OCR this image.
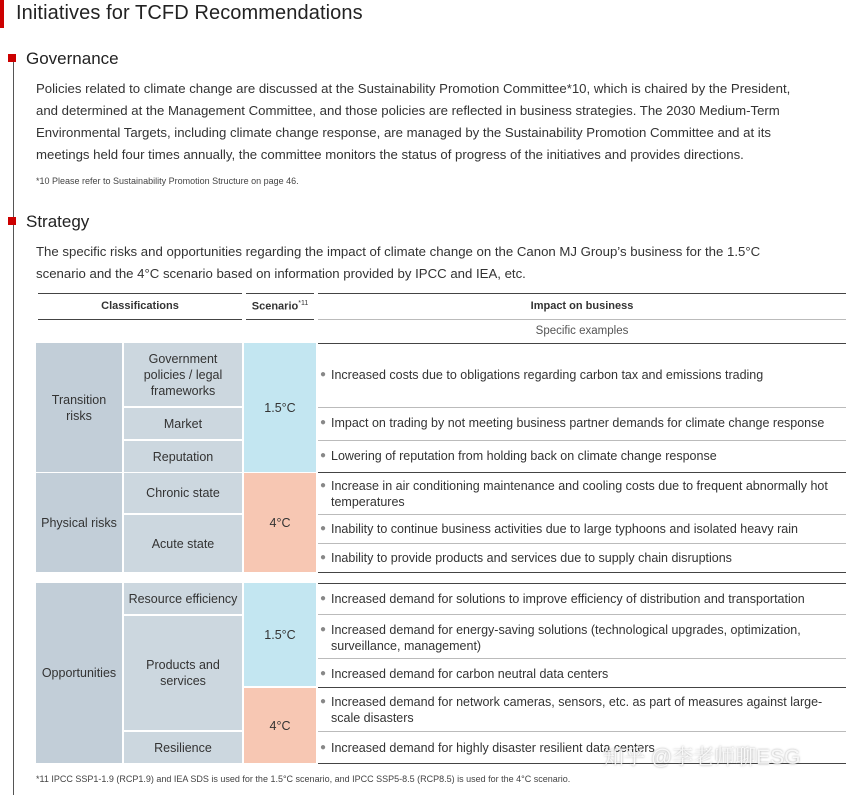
Initiatives for TCFD Recommendations
Governance
Policies related to climate change are discussed at the Sustainability Promotion Committee*10, which is chaired by the President,
and determined at the Management Committee, and those policies are reflected in business strategies. The 2030 Medium-Term
Environmental Targets, including climate change response, are managed by the Sustainability Promotion Committee and at its
meetings held four times annually, the committee monitors the status of progress of the initiatives and provides directions.
*10 Please refer to Sustainability Promotion Structure on page 46.
Strategy
The specific risks and opportunities regarding the impact of climate change on the Canon MJ Group’s business for the 1.5°C
scenario and the 4°C scenario based on information provided by IPCC and IEA, etc.
Classifications	Scenario$^{*11}$	Impact on business
Specific examples
Transition risks
Physical risks
Government policies / legal frameworks
Market
Reputation
Chronic state
Acute state
1.5°C
4°C
● Increased costs due to obligations regarding carbon tax and emissions trading
● Impact on trading by not meeting business partner demands for climate change response
● Lowering of reputation from holding back on climate change response
● Increase in air conditioning maintenance and cooling costs due to frequent abnormally hot temperatures
● Inability to continue business activities due to large typhoons and isolated heavy rain
● Inability to provide products and services due to supply chain disruptions
Opportunities
Resource efficiency
Products and services
Resilience
1.5°C
4°C
● Increased demand for solutions to improve efficiency of distribution and transportation
● Increased demand for energy-saving solutions (technological upgrades, optimization, surveillance, management)
● Increased demand for carbon neutral data centers
● Increased demand for network cameras, sensors, etc. as part of measures against large-scale disasters
● Increased demand for highly disaster resilient data centers
*11 IPCC SSP1-1.9 (RCP1.9) and IEA SDS is used for the 1.5°C scenario, and IPCC SSP5-8.5 (RCP8.5) is used for the 4°C scenario.
知乎 @李老师聊ESG
